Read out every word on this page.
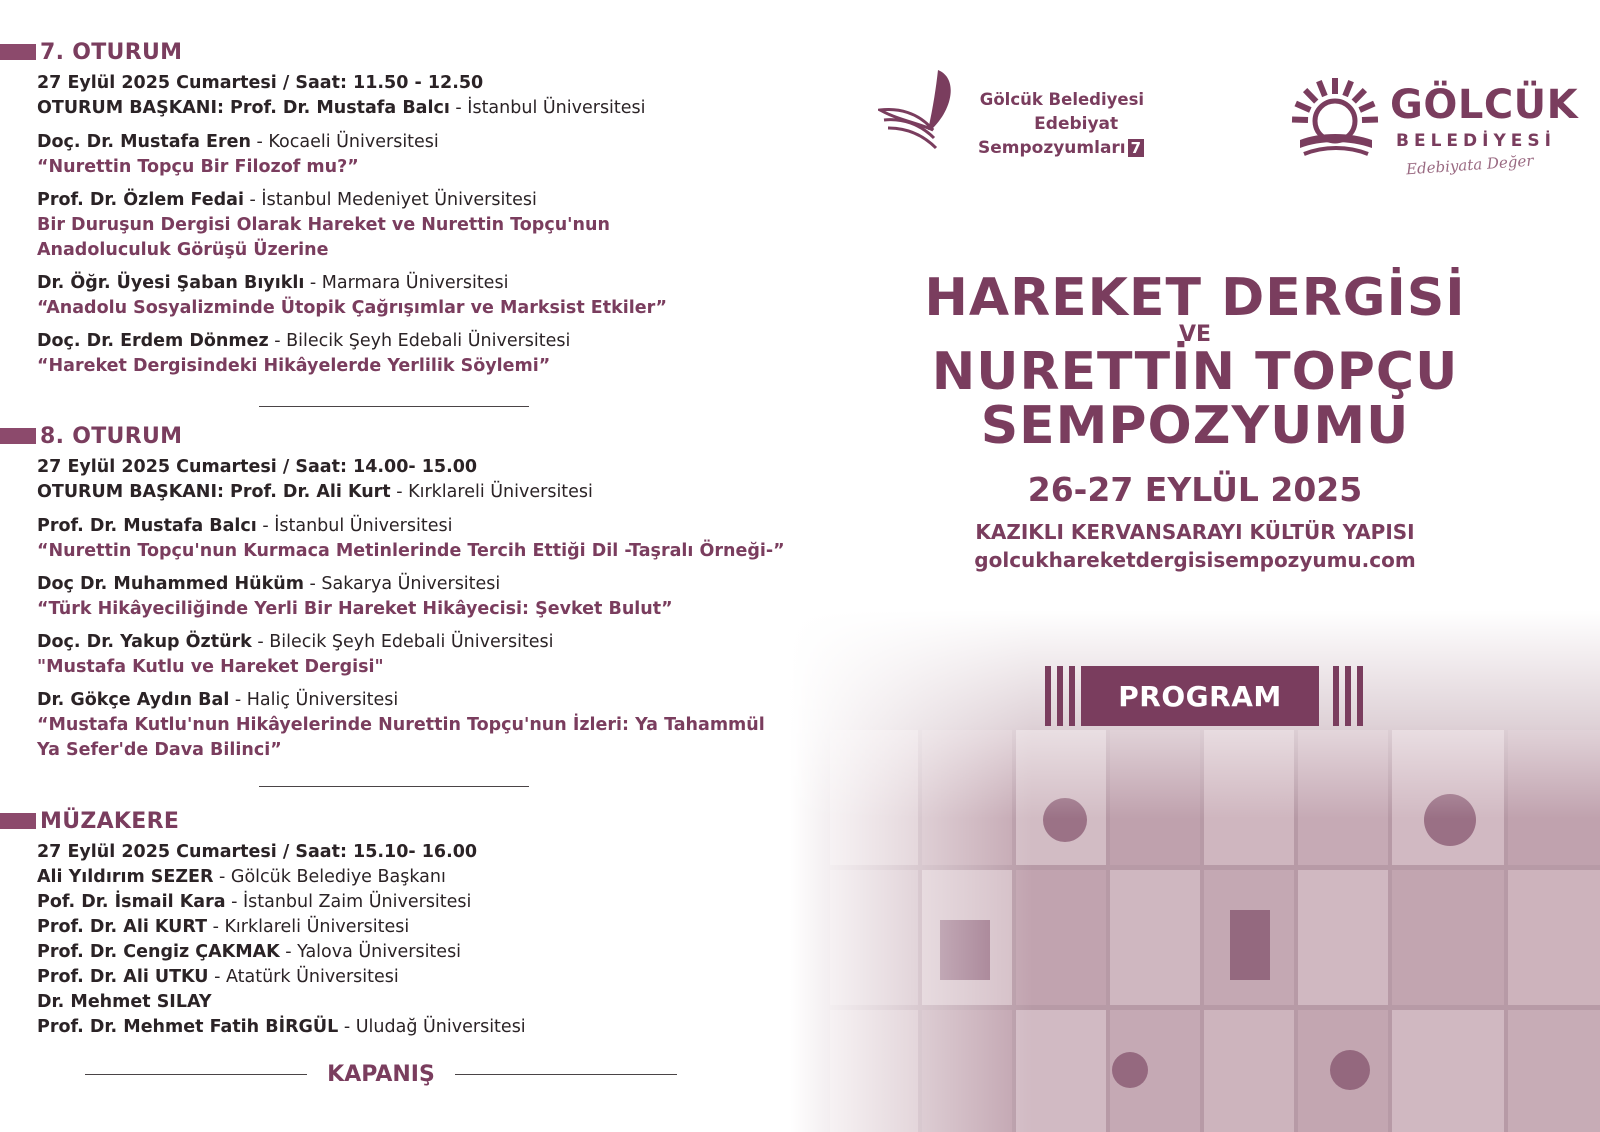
7. OTURUM
27 Eylül 2025 Cumartesi / Saat: 11.50 - 12.50
OTURUM BAŞKANI: Prof. Dr. Mustafa Balcı - İstanbul Üniversitesi
Doç. Dr. Mustafa Eren - Kocaeli Üniversitesi
“Nurettin Topçu Bir Filozof mu?”
Prof. Dr. Özlem Fedai - İstanbul Medeniyet Üniversitesi
Bir Duruşun Dergisi Olarak Hareket ve Nurettin Topçu'nun Anadoluculuk Görüşü Üzerine
Dr. Öğr. Üyesi Şaban Bıyıklı - Marmara Üniversitesi
“Anadolu Sosyalizminde Ütopik Çağrışımlar ve Marksist Etkiler”
Doç. Dr. Erdem Dönmez - Bilecik Şeyh Edebali Üniversitesi
“Hareket Dergisindeki Hikâyelerde Yerlilik Söylemi”
8. OTURUM
27 Eylül 2025 Cumartesi / Saat: 14.00- 15.00
OTURUM BAŞKANI: Prof. Dr. Ali Kurt - Kırklareli Üniversitesi
Prof. Dr. Mustafa Balcı - İstanbul Üniversitesi
“Nurettin Topçu'nun Kurmaca Metinlerinde Tercih Ettiği Dil -Taşralı Örneği-”
Doç Dr. Muhammed Hüküm - Sakarya Üniversitesi
“Türk Hikâyeciliğinde Yerli Bir Hareket Hikâyecisi: Şevket Bulut”
Doç. Dr. Yakup Öztürk - Bilecik Şeyh Edebali Üniversitesi
"Mustafa Kutlu ve Hareket Dergisi"
Dr. Gökçe Aydın Bal - Haliç Üniversitesi
“Mustafa Kutlu'nun Hikâyelerinde Nurettin Topçu'nun İzleri: Ya Tahammül Ya Sefer'de Dava Bilinci”
MÜZAKERE
27 Eylül 2025 Cumartesi / Saat: 15.10- 16.00
Ali Yıldırım SEZER - Gölcük Belediye Başkanı
Pof. Dr. İsmail Kara - İstanbul Zaim Üniversitesi
Prof. Dr. Ali KURT - Kırklareli Üniversitesi
Prof. Dr. Cengiz ÇAKMAK - Yalova Üniversitesi
Prof. Dr. Ali UTKU - Atatürk Üniversitesi
Dr. Mehmet SILAY
Prof. Dr. Mehmet Fatih BİRGÜL - Uludağ Üniversitesi
KAPANIŞ
Gölcük Belediyesi
Edebiyat
Sempozyumları 7
GÖLCÜK
BELEDİYESİ
Edebiyata Değer
HAREKET DERGİSİ
VE
NURETTİN TOPÇU
SEMPOZYUMU
26-27 EYLÜL 2025
KAZIKLI KERVANSARAYI KÜLTÜR YAPISI
golcukhareketdergisisempozyumu.com
PROGRAM
